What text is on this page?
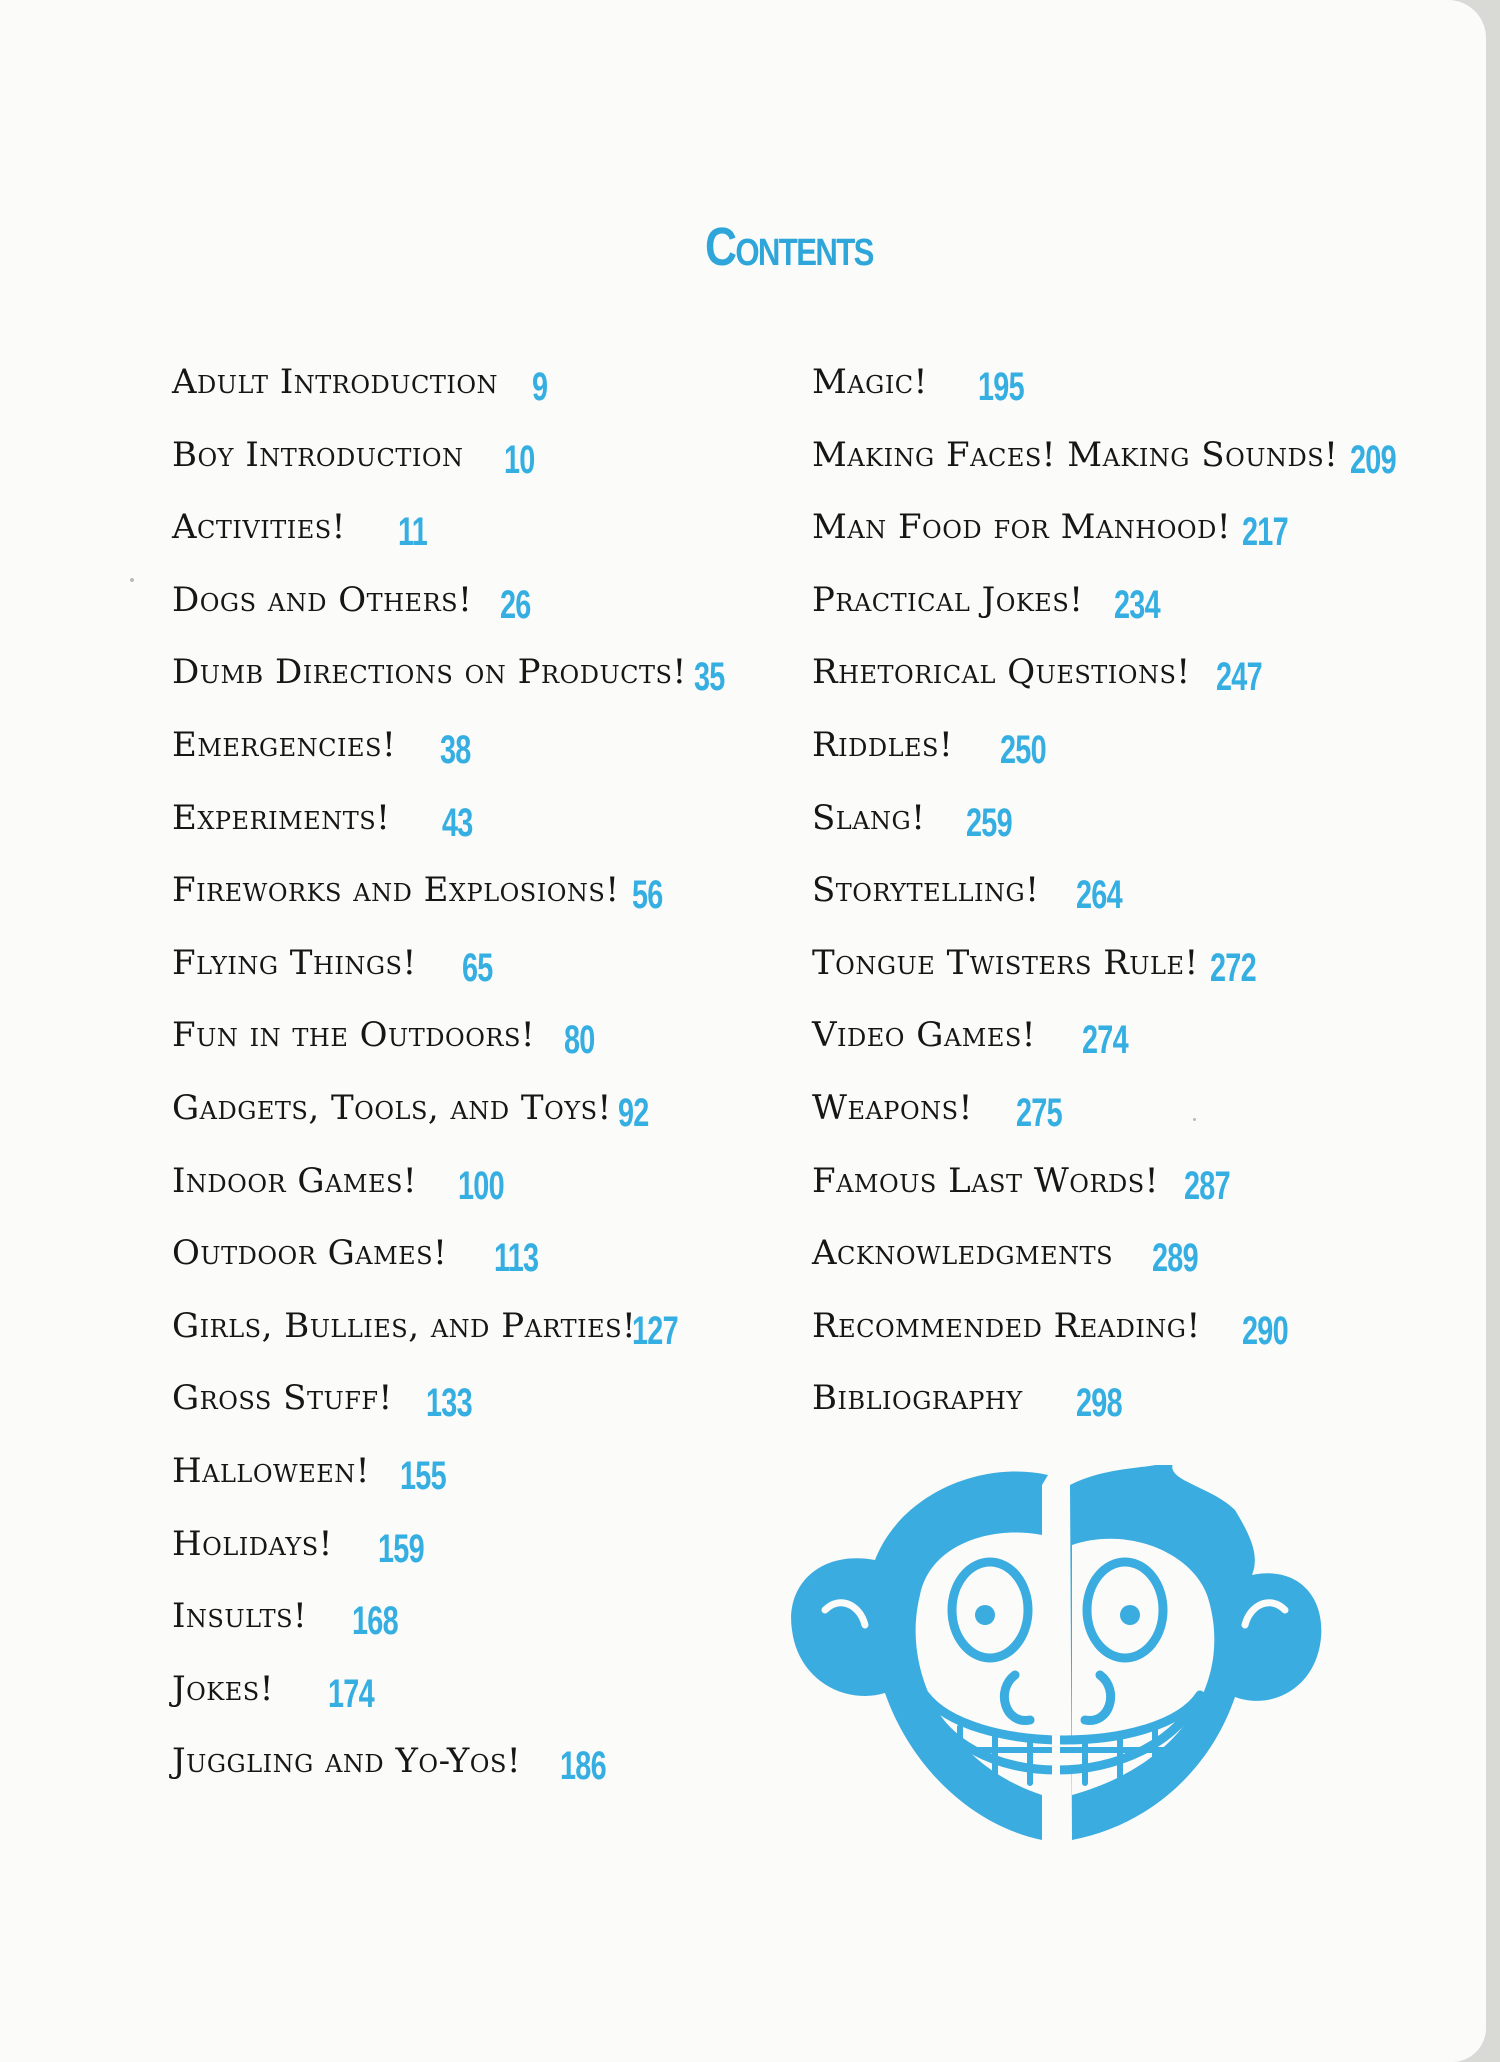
Contents
Adult Introduction 9
Boy Introduction 10
Activities! 11
Dogs and Others! 26
Dumb Directions on Products! 35
Emergencies! 38
Experiments! 43
Fireworks and Explosions! 56
Flying Things! 65
Fun in the Outdoors! 80
Gadgets, Tools, and Toys! 92
Indoor Games! 100
Outdoor Games! 113
Girls, Bullies, and Parties!
127
Gross Stuff! 133
Halloween! 155
Holidays! 159
Insults! 168
Jokes! 174
Juggling and Yo-Yos! 186
Magic! 195
Making Faces! Making Sounds! 209
Man Food for Manhood! 217
Practical Jokes! 234
Rhetorical Questions! 247
Riddles! 250
Slang! 259
Storytelling! 264
Tongue Twisters Rule! 272
Video Games! 274
Weapons! 275
Famous Last Words! 287
Acknowledgments 289
Recommended Reading! 290
Bibliography 298
